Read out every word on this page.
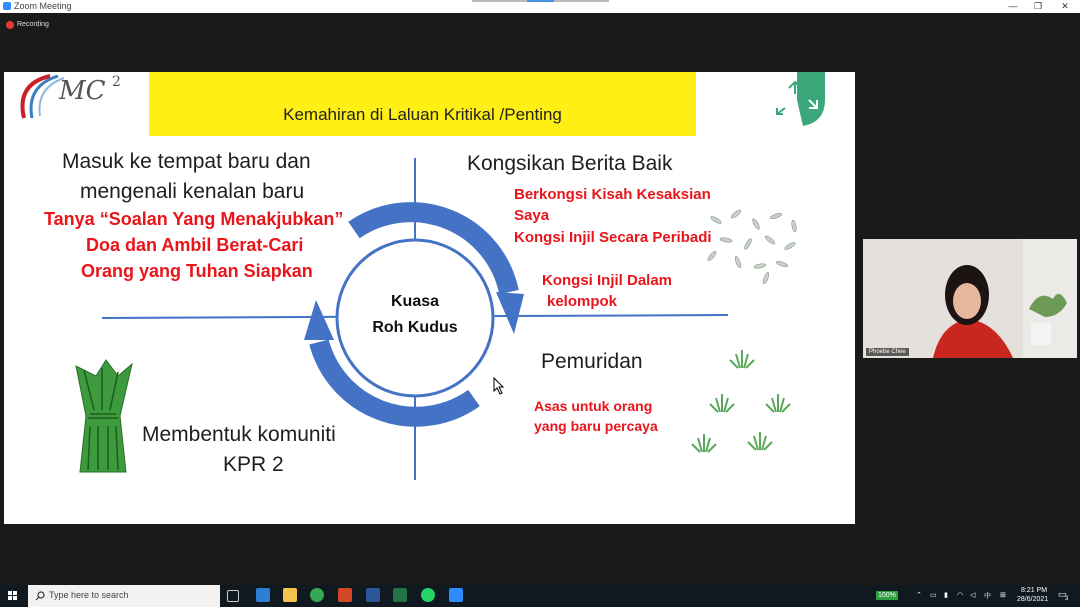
Zoom Meeting	—	❐	✕
Recording
MC 2
Kemahiran di Laluan Kritikal /Penting
Kuasa
Roh Kudus
Masuk ke tempat baru dan
mengenali kenalan baru
Tanya “Soalan Yang Menakjubkan”
Doa dan Ambil Berat-Cari
Orang yang Tuhan Siapkan
Kongsikan Berita Baik
Berkongsi Kisah Kesaksian
Saya
Kongsi Injil Secara Peribadi
Kongsi Injil Dalam
kelompok
Pemuridan
Asas untuk orang
yang baru percaya
Membentuk komuniti
KPR 2
Phoebe Chee
Type here to search	100%	⌃ ▭ ▮ ◠ ◁ 中 ⊞
8:21 PM
28/6/2021
▭
3
